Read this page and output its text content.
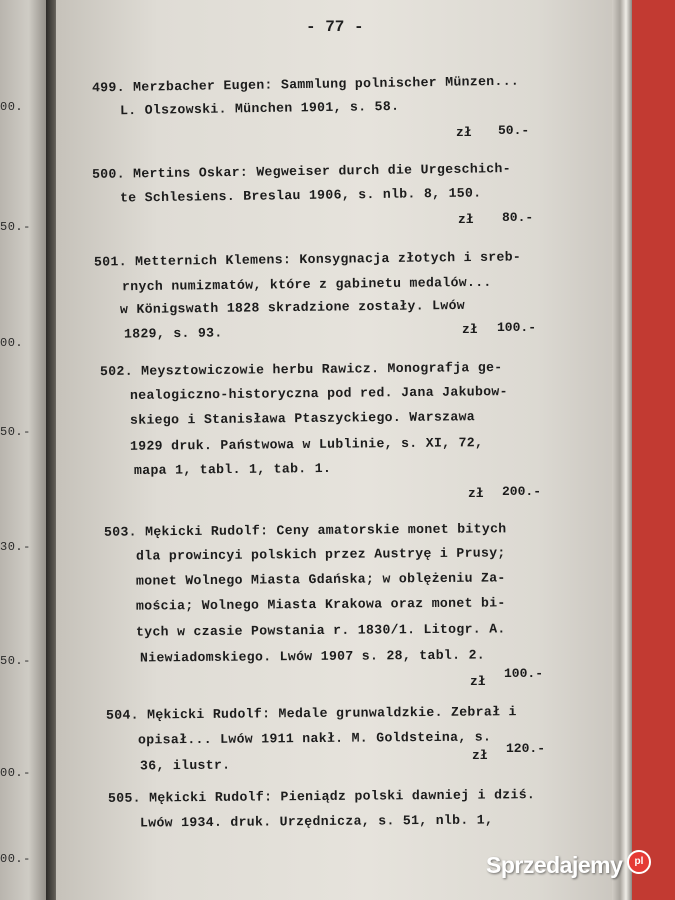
00.
50.-
00.
50.-
30.-
50.-
00.-
00.-
- 77 -
499. Merzbacher Eugen: Sammlung polnischer Münzen...
L. Olszowski. München 1901, s. 58.
zł 50.-
500. Mertins Oskar: Wegweiser durch die Urgeschich-
te Schlesiens. Breslau 1906, s. nlb. 8, 150.
zł 80.-
501. Metternich Klemens: Konsygnacja złotych i sreb-
rnych numizmatów, które z gabinetu medalów...
w Königswath 1828 skradzione zostały. Lwów
1829, s. 93.	zł 100.-
502. Meysztowiczowie herbu Rawicz. Monografja ge-
nealogiczno-historyczna pod red. Jana Jakubow-
skiego i Stanisława Ptaszyckiego. Warszawa
1929 druk. Państwowa w Lublinie, s. XI, 72,
mapa 1, tabl. 1, tab. 1.
zł 200.-
503. Mękicki Rudolf: Ceny amatorskie monet bitych
dla prowincyi polskich przez Austryę i Prusy;
monet Wolnego Miasta Gdańska; w oblężeniu Za-
mościa; Wolnego Miasta Krakowa oraz monet bi-
tych w czasie Powstania r. 1830/1. Litogr. A.
Niewiadomskiego. Lwów 1907 s. 28, tabl. 2.
zł
100.-
504. Mękicki Rudolf: Medale grunwaldzkie. Zebrał i
opisał... Lwów 1911 nakł. M. Goldsteina, s.
36, ilustr.
zł 120.-
505. Mękicki Rudolf: Pieniądz polski dawniej i dziś.
Lwów 1934. druk. Urzędnicza, s. 51, nlb. 1,
Sprzedajemy	pl
